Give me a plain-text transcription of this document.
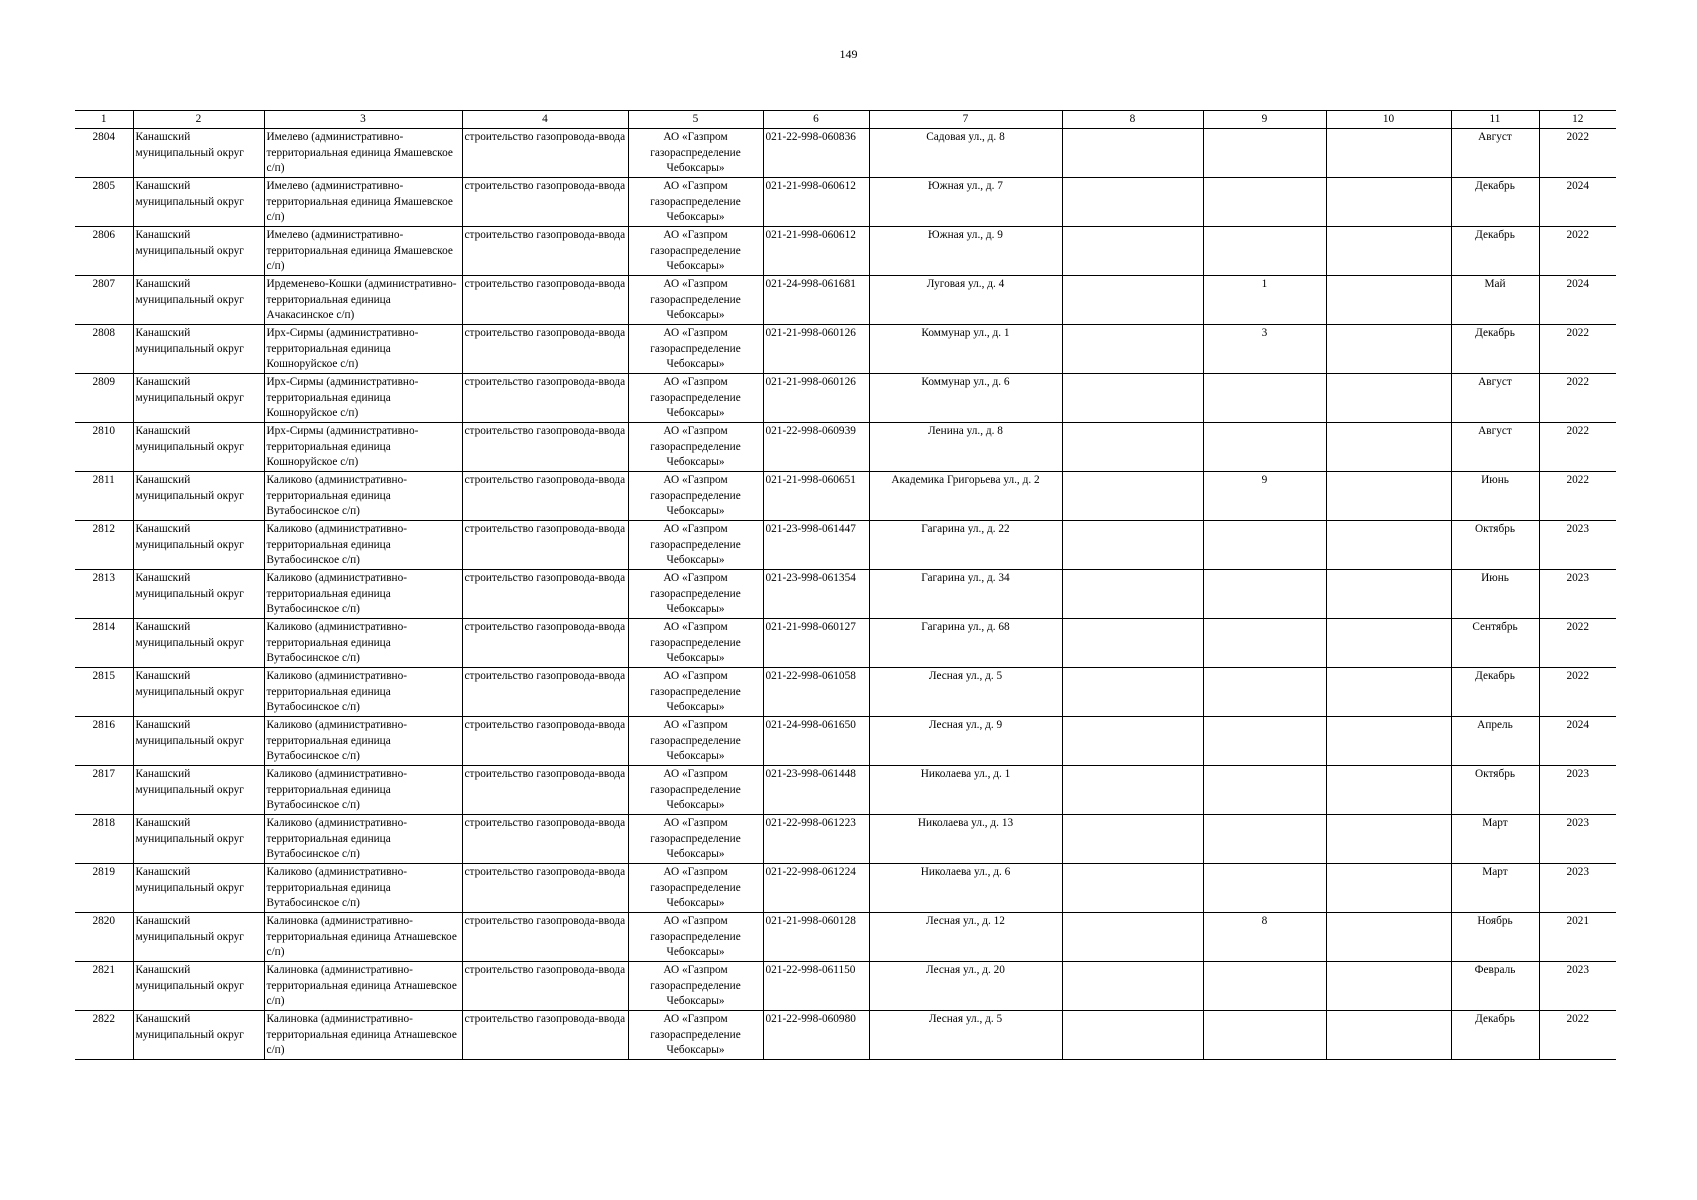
149
1	2	3	4	5	6	7	8	9	10	11	12
2804	Канашский муниципальный округ	Имелево (административно-территориальная единица Ямашевское с/п)	строительство газопровода-ввода	АО «Газпром газораспределение Чебоксары»	021-22-998-060836	Садовая ул., д. 8				Август	2022
2805	Канашский муниципальный округ	Имелево (административно-территориальная единица Ямашевское с/п)	строительство газопровода-ввода	АО «Газпром газораспределение Чебоксары»	021-21-998-060612	Южная ул., д. 7				Декабрь	2024
2806	Канашский муниципальный округ	Имелево (административно-территориальная единица Ямашевское с/п)	строительство газопровода-ввода	АО «Газпром газораспределение Чебоксары»	021-21-998-060612	Южная ул., д. 9				Декабрь	2022
2807	Канашский муниципальный округ	Ирдеменево-Кошки (административно-территориальная единица Ачакасинское с/п)	строительство газопровода-ввода	АО «Газпром газораспределение Чебоксары»	021-24-998-061681	Луговая ул., д. 4		1		Май	2024
2808	Канашский муниципальный округ	Ирх-Сирмы (административно-территориальная единица Кошноруйское с/п)	строительство газопровода-ввода	АО «Газпром газораспределение Чебоксары»	021-21-998-060126	Коммунар ул., д. 1		3		Декабрь	2022
2809	Канашский муниципальный округ	Ирх-Сирмы (административно-территориальная единица Кошноруйское с/п)	строительство газопровода-ввода	АО «Газпром газораспределение Чебоксары»	021-21-998-060126	Коммунар ул., д. 6				Август	2022
2810	Канашский муниципальный округ	Ирх-Сирмы (административно-территориальная единица Кошноруйское с/п)	строительство газопровода-ввода	АО «Газпром газораспределение Чебоксары»	021-22-998-060939	Ленина ул., д. 8				Август	2022
2811	Канашский муниципальный округ	Каликово (административно-территориальная единица Вутабосинское с/п)	строительство газопровода-ввода	АО «Газпром газораспределение Чебоксары»	021-21-998-060651	Академика Григорьева ул., д. 2		9		Июнь	2022
2812	Канашский муниципальный округ	Каликово (административно-территориальная единица Вутабосинское с/п)	строительство газопровода-ввода	АО «Газпром газораспределение Чебоксары»	021-23-998-061447	Гагарина ул., д. 22				Октябрь	2023
2813	Канашский муниципальный округ	Каликово (административно-территориальная единица Вутабосинское с/п)	строительство газопровода-ввода	АО «Газпром газораспределение Чебоксары»	021-23-998-061354	Гагарина ул., д. 34				Июнь	2023
2814	Канашский муниципальный округ	Каликово (административно-территориальная единица Вутабосинское с/п)	строительство газопровода-ввода	АО «Газпром газораспределение Чебоксары»	021-21-998-060127	Гагарина ул., д. 68				Сентябрь	2022
2815	Канашский муниципальный округ	Каликово (административно-территориальная единица Вутабосинское с/п)	строительство газопровода-ввода	АО «Газпром газораспределение Чебоксары»	021-22-998-061058	Лесная ул., д. 5				Декабрь	2022
2816	Канашский муниципальный округ	Каликово (административно-территориальная единица Вутабосинское с/п)	строительство газопровода-ввода	АО «Газпром газораспределение Чебоксары»	021-24-998-061650	Лесная ул., д. 9				Апрель	2024
2817	Канашский муниципальный округ	Каликово (административно-территориальная единица Вутабосинское с/п)	строительство газопровода-ввода	АО «Газпром газораспределение Чебоксары»	021-23-998-061448	Николаева ул., д. 1				Октябрь	2023
2818	Канашский муниципальный округ	Каликово (административно-территориальная единица Вутабосинское с/п)	строительство газопровода-ввода	АО «Газпром газораспределение Чебоксары»	021-22-998-061223	Николаева ул., д. 13				Март	2023
2819	Канашский муниципальный округ	Каликово (административно-территориальная единица Вутабосинское с/п)	строительство газопровода-ввода	АО «Газпром газораспределение Чебоксары»	021-22-998-061224	Николаева ул., д. 6				Март	2023
2820	Канашский муниципальный округ	Калиновка (административно-территориальная единица Атнашевское с/п)	строительство газопровода-ввода	АО «Газпром газораспределение Чебоксары»	021-21-998-060128	Лесная ул., д. 12		8		Ноябрь	2021
2821	Канашский муниципальный округ	Калиновка (административно-территориальная единица Атнашевское с/п)	строительство газопровода-ввода	АО «Газпром газораспределение Чебоксары»	021-22-998-061150	Лесная ул., д. 20				Февраль	2023
2822	Канашский муниципальный округ	Калиновка (административно-территориальная единица Атнашевское с/п)	строительство газопровода-ввода	АО «Газпром газораспределение Чебоксары»	021-22-998-060980	Лесная ул., д. 5				Декабрь	2022
